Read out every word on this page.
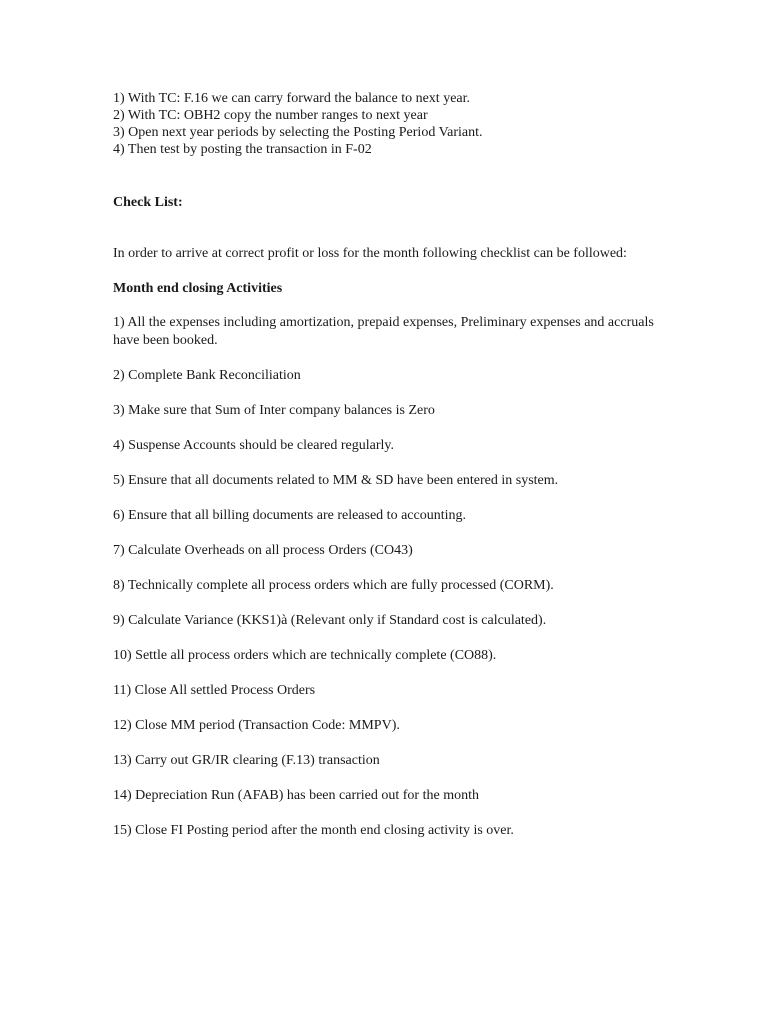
1) With TC: F.16 we can carry forward the balance to next year.
2) With TC: OBH2 copy the number ranges to next year
3) Open next year periods by selecting the Posting Period Variant.
4) Then test by posting the transaction in F-02
Check List:
In order to arrive at correct profit or loss for the month following checklist can be followed:
Month end closing Activities
1) All the expenses including amortization, prepaid expenses, Preliminary expenses and accruals have been booked.
2) Complete Bank Reconciliation
3) Make sure that Sum of Inter company balances is Zero
4) Suspense Accounts should be cleared regularly.
5) Ensure that all documents related to MM & SD have been entered in system.
6) Ensure that all billing documents are released to accounting.
7) Calculate Overheads on all process Orders (CO43)
8) Technically complete all process orders which are fully processed (CORM).
9) Calculate Variance (KKS1)à (Relevant only if Standard cost is calculated).
10) Settle all process orders which are technically complete (CO88).
11) Close All settled Process Orders
12) Close MM period (Transaction Code: MMPV).
13) Carry out GR/IR clearing (F.13) transaction
14) Depreciation Run (AFAB) has been carried out for the month
15) Close FI Posting period after the month end closing activity is over.
